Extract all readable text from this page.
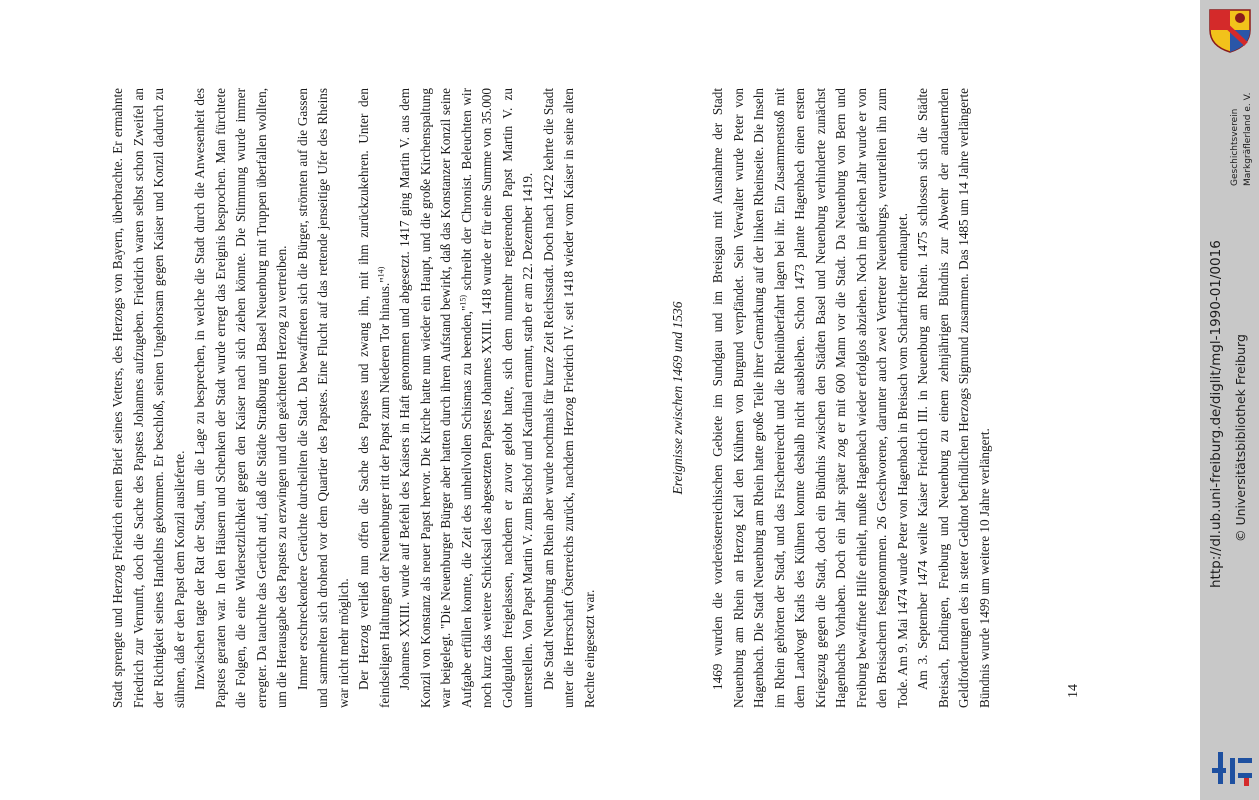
Stadt sprengte und Herzog Friedrich einen Brief seines Vetters, des Herzogs von Bayern, überbrachte. Er ermahnte Friedrich zur Vernunft, doch die Sache des Papstes Johannes aufzugeben. Friedrich waren selbst schon Zweifel an der Richtigkeit seines Handelns gekommen. Er beschloß, seinen Ungehorsam gegen Kaiser und Konzil dadurch zu sühnen, daß er den Papst dem Konzil auslieferte. Inzwischen tagte der Rat der Stadt, um die Lage zu besprechen, in welche die Stadt durch die Anwesenheit des Papstes geraten war. In den Häusern und Schenken der Stadt wurde erregt das Ereignis besprochen. Man fürchtete die Folgen, die eine Widersetzlichkeit gegen den Kaiser nach sich ziehen könnte. Die Stimmung wurde immer erregter. Da tauchte das Gerücht auf, daß die Städte Straßburg und Basel Neuenburg mit Truppen überfallen wollten, um die Herausgabe des Papstes zu erzwingen und den geächteten Herzog zu vertreiben. Immer erschreckendere Gerüchte durcheilten die Stadt. Da bewaffneten sich die Bürger, strömten auf die Gassen und sammelten sich drohend vor dem Quartier des Papstes. Eine Flucht auf das rettende jenseitige Ufer des Rheins war nicht mehr möglich. Der Herzog verließ nun offen die Sache des Papstes und zwang ihn, mit ihm zurückzukehren. Unter den feindseligen Haltungen der Neuenburger ritt der Papst zum Niederen Tor hinaus."$^{14)}$ Johannes XXIII. wurde auf Befehl des Kaisers in Haft genommen und abgesetzt. 1417 ging Martin V. aus dem Konzil von Konstanz als neuer Papst hervor. Die Kirche hatte nun wieder ein Haupt, und die große Kirchenspaltung war beigelegt. "Die Neuenburger Bürger aber hatten durch ihren Aufstand bewirkt, daß das Konstanzer Konzil seine Aufgabe erfüllen konnte, die Zeit des unheilvollen Schismas zu beenden,"$^{15)}$ schreibt der Chronist. Beleuchten wir noch kurz das weitere Schicksal des abgesetzten Papstes Johannes XXIII. 1418 wurde er für eine Summe von 35.000 Goldgulden freigelassen, nachdem er zuvor gelobt hatte, sich dem nunmehr regierenden Papst Martin V. zu unterstellen. Von Papst Martin V. zum Bischof und Kardinal ernannt, starb er am 22. Dezember 1419. Die Stadt Neuenburg am Rhein aber wurde nochmals für kurze Zeit Reichsstadt. Doch nach 1422 kehrte die Stadt unter die Herrschaft Österreichs zurück, nachdem Herzog Friedrich IV. seit 1418 wieder vom Kaiser in seine alten Rechte eingesetzt war.

Ereignisse zwischen 1469 und 1536 1469 wurden die vorderösterreichischen Gebiete im Sundgau und im Breisgau mit Ausnahme der Stadt Neuenburg am Rhein an Herzog Karl den Kühnen von Burgund verpfändet. Sein Verwalter wurde Peter von Hagenbach. Die Stadt Neuenburg am Rhein hatte große Teile ihrer Gemarkung auf der linken Rheinseite. Die Inseln im Rhein gehörten der Stadt, und das Fischereirecht und die Rheinüberfahrt lagen bei ihr. Ein Zusammenstoß mit dem Landvogt Karls des Kühnen konnte deshalb nicht ausbleiben. Schon 1473 plante Hagenbach einen ersten Kriegszug gegen die Stadt, doch ein Bündnis zwischen den Städten Basel und Neuenburg verhinderte zunächst Hagenbachs Vorhaben. Doch ein Jahr später zog er mit 600 Mann vor die Stadt. Da Neuenburg von Bern und Freiburg bewaffnete Hilfe erhielt, mußte Hagenbach wieder erfolglos abziehen. Noch im gleichen Jahr wurde er von den Breisachern festgenommen. 26 Geschworene, darunter auch zwei Vertreter Neuenburgs, verurteilten ihn zum Tode. Am 9. Mai 1474 wurde Peter von Hagenbach in Breisach vom Scharfrichter enthauptet. Am 3. September 1474 weilte Kaiser Friedrich III. in Neuenburg am Rhein. 1475 schlossen sich die Städte Breisach, Endingen, Freiburg und Neuenburg zu einem zehnjährigen Bündnis zur Abwehr der andauernden Geldforderungen des in steter Geldnot befindlichen Herzogs Sigmund zusammen. Das 1485 um 14 Jahre verlängerte Bündnis wurde 1499 um weitere 10 Jahre verlängert.	14
http://dl.ub.uni-freiburg.de/diglit/mgl-1990-01/0016 © Universitätsbibliothek Freiburg
Geschichtsverein Markgräflerland e. V.
